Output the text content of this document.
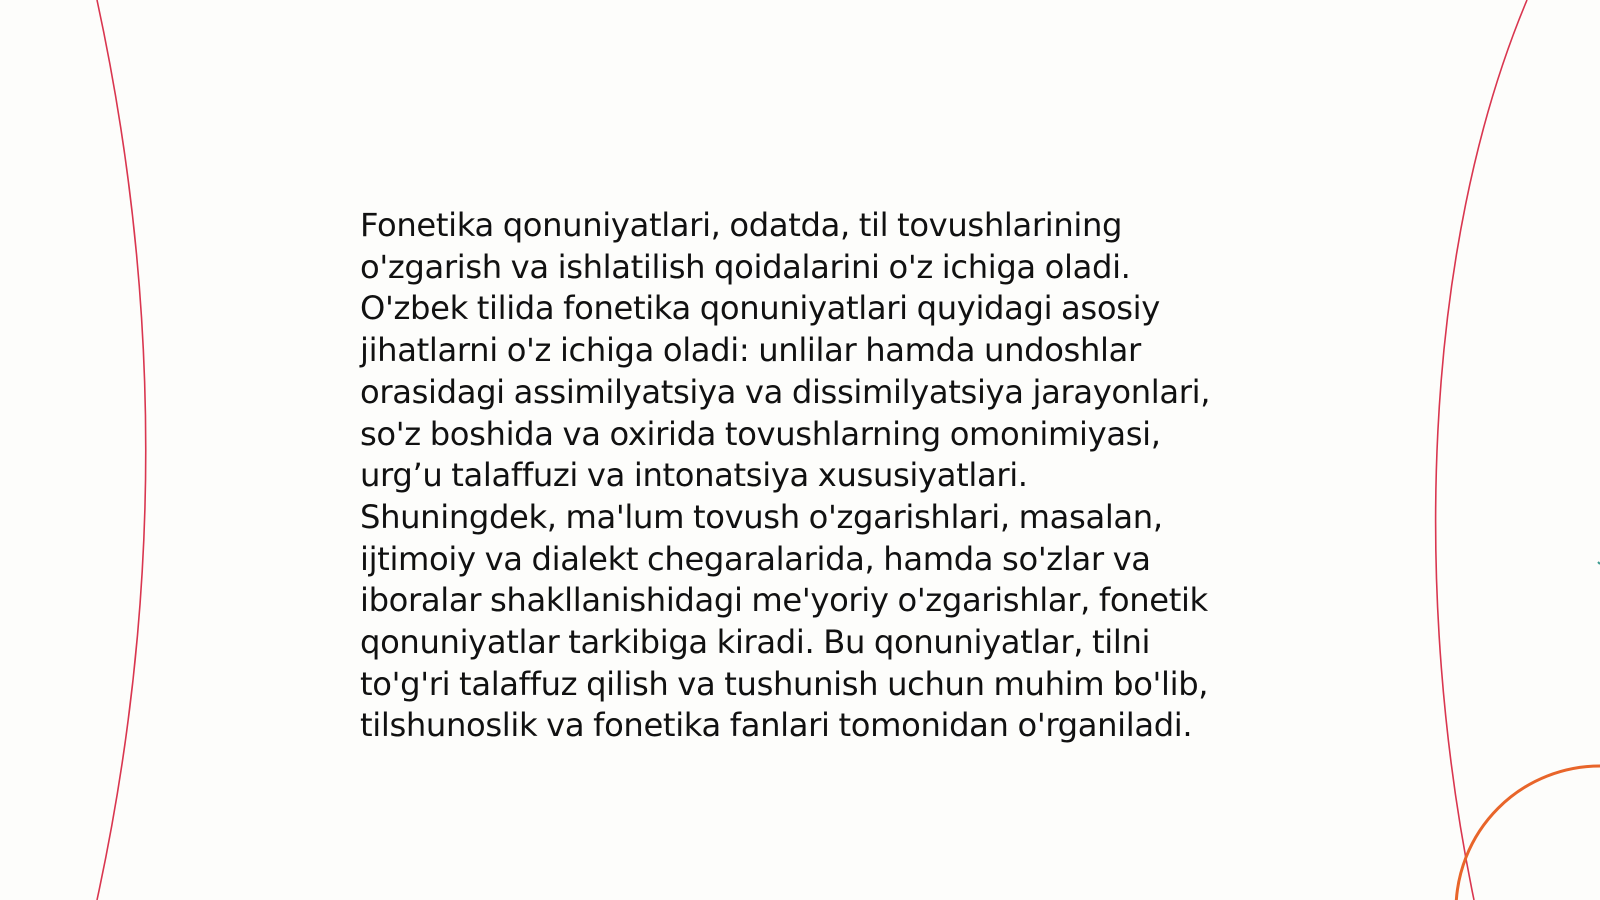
Fonetika qonuniyatlari, odatda, til tovushlarining
o'zgarish va ishlatilish qoidalarini o'z ichiga oladi.
O'zbek tilida fonetika qonuniyatlari quyidagi asosiy
jihatlarni o'z ichiga oladi: unlilar hamda undoshlar
orasidagi assimilyatsiya va dissimilyatsiya jarayonlari,
so'z boshida va oxirida tovushlarning omonimiyasi,
urg’u talaffuzi va intonatsiya xususiyatlari.
Shuningdek, ma'lum tovush o'zgarishlari, masalan,
ijtimoiy va dialekt chegaralarida, hamda so'zlar va
iboralar shakllanishidagi me'yoriy o'zgarishlar, fonetik
qonuniyatlar tarkibiga kiradi. Bu qonuniyatlar, tilni
to'g'ri talaffuz qilish va tushunish uchun muhim bo'lib,
tilshunoslik va fonetika fanlari tomonidan o'rganiladi.
